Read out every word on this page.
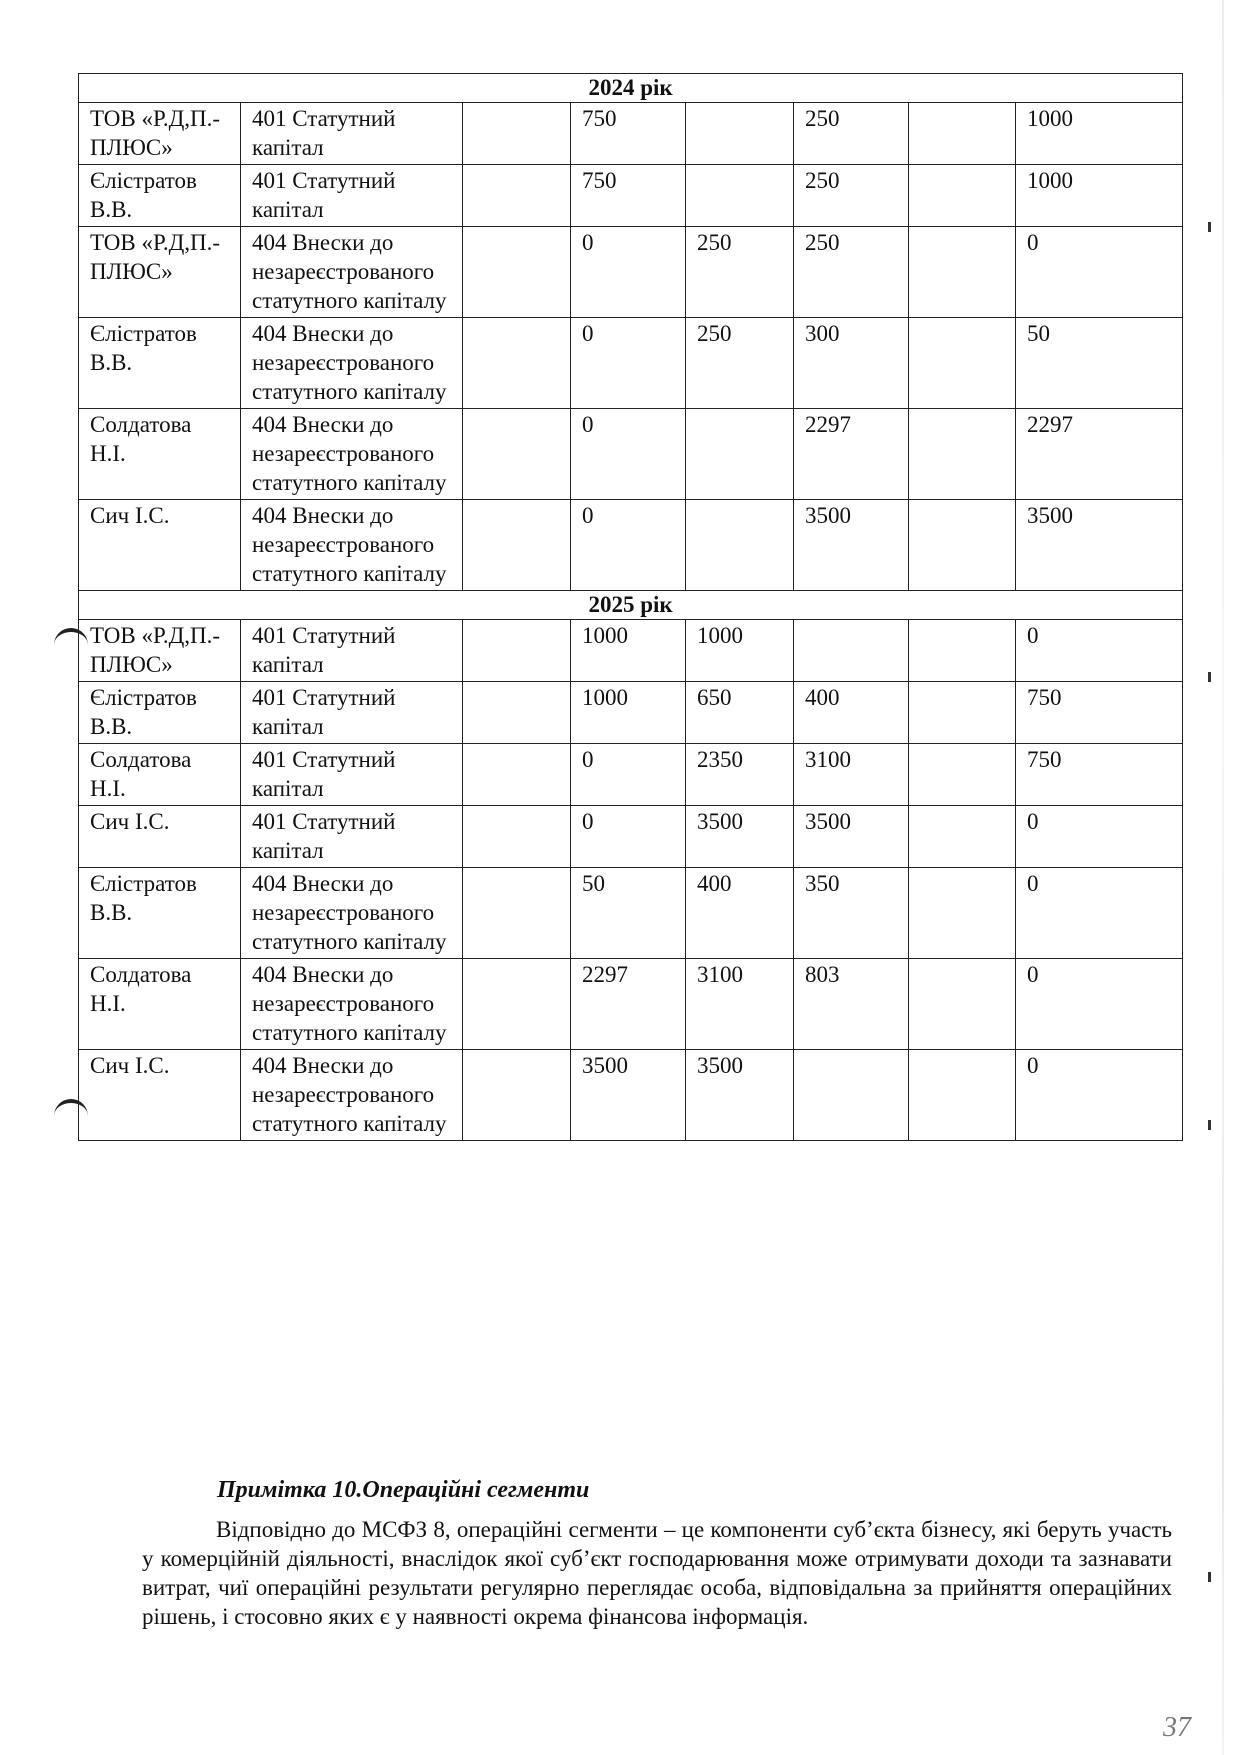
2024 рік							
ТОВ «Р.Д,П.-ПЛЮС»	401 Статутний капітал		750		250		1000
Єлістратов В.В.	401 Статутний капітал		750		250		1000
ТОВ «Р.Д,П.-ПЛЮС»	404 Внески до незареєстрованого статутного капіталу		0	250	250		0
Єлістратов В.В.	404 Внески до незареєстрованого статутного капіталу		0	250	300		50
Солдатова Н.І.	404 Внески до незареєстрованого статутного капіталу		0		2297		2297
Сич І.С.	404 Внески до незареєстрованого статутного капіталу		0		3500		3500
2025 рік							
ТОВ «Р.Д,П.-ПЛЮС»	401 Статутний капітал		1000	1000			0
Єлістратов В.В.	401 Статутний капітал		1000	650	400		750
Солдатова Н.І.	401 Статутний капітал		0	2350	3100		750
Сич І.С.	401 Статутний капітал		0	3500	3500		0
Єлістратов В.В.	404 Внески до незареєстрованого статутного капіталу		50	400	350		0
Солдатова Н.І.	404 Внески до незареєстрованого статутного капіталу		2297	3100	803		0
Сич І.С.	404 Внески до незареєстрованого статутного капіталу		3500	3500			0

Примітка 10.Операційні сегменти

Відповідно до МСФЗ 8, операційні сегменти – це компоненти суб’єкта бізнесу, які беруть участь у комерційній діяльності, внаслідок якої суб’єкт господарювання може отримувати доходи та зазнавати витрат, чиї операційні результати регулярно переглядає особа, відповідальна за прийняття операційних рішень, і стосовно яких є у наявності окрема фінансова інформація.

37
